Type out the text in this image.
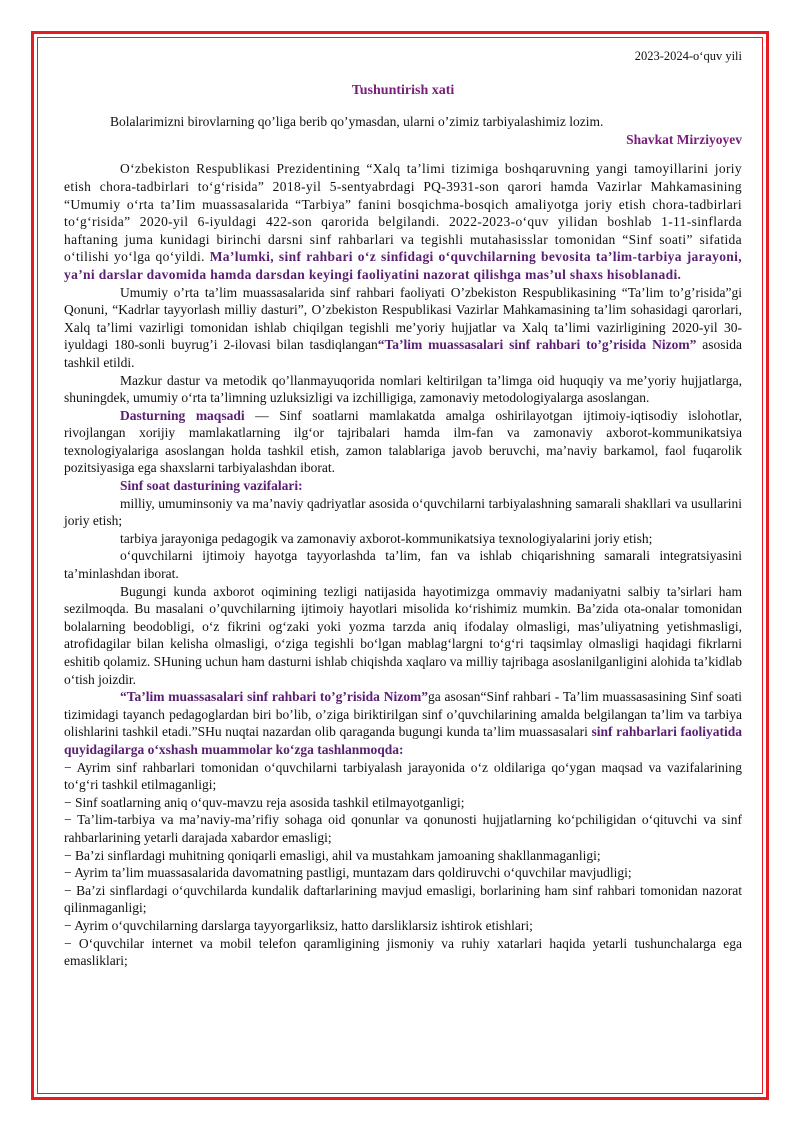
2023-2024-o‘quv yili

Tushuntirish xati

Bolalarimizni birovlarning qo’liga berib qo’ymasdan, ularni o’zimiz tarbiyalashimiz lozim.

Shavkat Mirziyoyev

O‘zbekiston Respublikasi Prezidentining “Xalq ta’limi tizimiga boshqaruvning yangi tamoyillarini joriy etish chora-tadbirlari to‘g‘risida” 2018-yil 5-sentyabrdagi PQ-3931-son qarori hamda Vazirlar Mahkamasining “Umumiy o‘rta ta’Iim muassasalarida “Tarbiya” fanini bosqichma-bosqich amaliyotga joriy etish chora-tadbirlari to‘g‘risida” 2020-yil 6-iyuldagi 422-son qarorida belgilandi. 2022-2023-o‘quv yilidan boshlab 1-11-sinflarda haftaning juma kunidagi birinchi darsni sinf rahbarlari va tegishli mutahasisslar tomonidan “Sinf soati” sifatida o‘tilishi yo‘lga qo‘yildi. Ma’lumki, sinf rahbari o‘z sinfidagi o‘quvchilarning bevosita ta’lim-tarbiya jarayoni, ya’ni darslar davomida hamda darsdan keyingi faoliyatini nazorat qilishga mas’ul shaxs hisoblanadi.

Umumiy o’rta ta’lim muassasalarida sinf rahbari faoliyati O’zbekiston Respublikasining “Ta’lim to’g’risida”gi Qonuni, “Kadrlar tayyorlash milliy dasturi”, O’zbekiston Respublikasi Vazirlar Mahkamasining ta’lim sohasidagi qarorlari, Xalq ta’limi vazirligi tomonidan ishlab chiqilgan tegishli me’yoriy hujjatlar va Xalq ta’limi vazirligining 2020-yil 30-iyuldagi 180-sonli buyrug’i 2-ilovasi bilan tasdiqlangan“Ta’lim muassasalari sinf rahbari to’g’risida Nizom” asosida tashkil etildi.

Mazkur dastur va metodik qo’llanmayuqorida nomlari keltirilgan ta’limga oid huquqiy va me’yoriy hujjatlarga, shuningdek, umumiy o‘rta ta’limning uzluksizligi va izchilligiga, zamonaviy metodologiyalarga asoslangan.

Dasturning maqsadi — Sinf soatlarni mamlakatda amalga oshirilayotgan ijtimoiy-iqtisodiy islohotlar, rivojlangan xorijiy mamlakatlarning ilg‘or tajribalari hamda ilm-fan va zamonaviy axborot-kommunikatsiya texnologiyalariga asoslangan holda tashkil etish, zamon talablariga javob beruvchi, ma’naviy barkamol, faol fuqarolik pozitsiyasiga ega shaxslarni tarbiyalashdan iborat.

Sinf soat dasturining vazifalari:

milliy, umuminsoniy va ma’naviy qadriyatlar asosida o‘quvchilarni tarbiyalashning samarali shakllari va usullarini joriy etish;

tarbiya jarayoniga pedagogik va zamonaviy axborot-kommunikatsiya texnologiyalarini joriy etish;

o‘quvchilarni ijtimoiy hayotga tayyorlashda ta’lim, fan va ishlab chiqarishning samarali integratsiyasini ta’minlashdan iborat.

Bugungi kunda axborot oqimining tezligi natijasida hayotimizga ommaviy madaniyatni salbiy ta’sirlari ham sezilmoqda. Bu masalani o’quvchilarning ijtimoiy hayotlari misolida ko‘rishimiz mumkin. Ba’zida ota-onalar tomonidan bolalarning beodobligi, o‘z fikrini og‘zaki yoki yozma tarzda aniq ifodalay olmasligi, mas’uliyatning yetishmasligi, atrofidagilar bilan kelisha olmasligi, o‘ziga tegishli bo‘lgan mablag‘largni to‘g‘ri taqsimlay olmasligi haqidagi fikrlarni eshitib qolamiz. SHuning uchun ham dasturni ishlab chiqishda xaqlaro va milliy tajribaga asoslanilganligini alohida ta’kidlab o‘tish joizdir.

“Ta’lim muassasalari sinf rahbari to’g’risida Nizom”ga asosan“Sinf rahbari - Ta’lim muassasasining Sinf soati tizimidagi tayanch pedagoglardan biri bo’lib, o’ziga biriktirilgan sinf o’quvchilarining amalda belgilangan ta’lim va tarbiya olishlarini tashkil etadi.”SHu nuqtai nazardan olib qaraganda bugungi kunda ta’lim muassasalari sinf rahbarlari faoliyatida quyidagilarga o‘xshash muammolar ko‘zga tashlanmoqda:

− Ayrim sinf rahbarlari tomonidan o‘quvchilarni tarbiyalash jarayonida o‘z oldilariga qo‘ygan maqsad va vazifalarining to‘g‘ri tashkil etilmaganligi;

− Sinf soatlarning aniq o‘quv-mavzu reja asosida tashkil etilmayotganligi;

− Ta’lim-tarbiya va ma’naviy-ma’rifiy sohaga oid qonunlar va qonunosti hujjatlarning ko‘pchiligidan o‘qituvchi va sinf rahbarlarining yetarli darajada xabardor emasligi;

− Ba’zi sinflardagi muhitning qoniqarli emasligi, ahil va mustahkam jamoaning shakllanmaganligi;

− Ayrim ta’lim muassasalarida davomatning pastligi, muntazam dars qoldiruvchi o‘quvchilar mavjudligi;

− Ba’zi sinflardagi o‘quvchilarda kundalik daftarlarining mavjud emasligi, borlarining ham sinf rahbari tomonidan nazorat qilinmaganligi;

− Ayrim o‘quvchilarning darslarga tayyorgarliksiz, hatto darsliklarsiz ishtirok etishlari;

− O‘quvchilar internet va mobil telefon qaramligining jismoniy va ruhiy xatarlari haqida yetarli tushunchalarga ega emasliklari;
